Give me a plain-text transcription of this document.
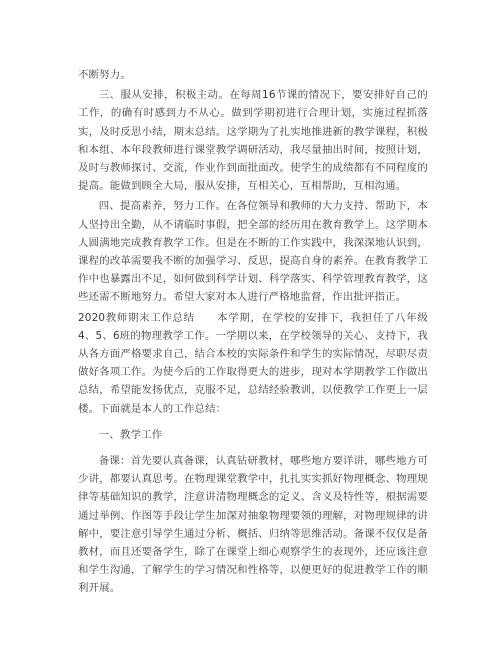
不断努力。

三、服从安排，积极主动。在每周16节课的情况下，要安排好自己的工作，的确有时感到力不从心。做到学期初进行合理计划，实施过程抓落实，及时反思小结，期末总结。这学期为了扎实地推进新的教学课程，积极和本组、本年段教师进行课堂教学调研活动，我尽量抽出时间，按照计划，及时与教师探讨、交流，作业作到面批面改。使学生的成绩都有不同程度的提高。能做到顾全大局，服从安排，互相关心，互相帮助，互相沟通。

四、提高素养，努力工作。在各位领导和教师的大力支持、帮助下，本人坚持出全勤，从不请临时事假，把全部的经历用在教育教学上。这学期本人圆满地完成教育教学工作。但是在不断的工作实践中，我深深地认识到，课程的改革需要我不断的加强学习、反思，提高自身的素养。在教育教学工作中也暴露出不足，如何做到科学计划、科学落实、科学管理教育教学，这些还需不断地努力。希望大家对本人进行严格地监督，作出批评指正。

2020教师期末工作总结　　本学期，在学校的安排下，我担任了八年级4、5、6班的物理教学工作。一学期以来，在学校领导的关心、支持下，我从各方面严格要求自己，结合本校的实际条件和学生的实际情况，尽职尽责做好各项工作。为使今后的工作取得更大的进步，现对本学期教学工作做出总结，希望能发扬优点，克服不足，总结经验教训，以使教学工作更上一层楼。下面就是本人的工作总结：

一、教学工作

备课：首先要认真备课，认真钻研教材，哪些地方要详讲，哪些地方可少讲，都要认真思考。在物理课堂教学中，扎扎实实抓好物理概念、物理规律等基础知识的教学，注意讲清物理概念的定义、含义及特性等，根据需要通过举例、作图等手段让学生加深对抽象物理要领的理解，对物理规律的讲解中，要注意引导学生通过分析、概括、归纳等思维活动。备课不仅仅是备教材，而且还要备学生，除了在课堂上细心观察学生的表现外，还应该注意和学生沟通，了解学生的学习情况和性格等，以便更好的促进教学工作的顺利开展。
